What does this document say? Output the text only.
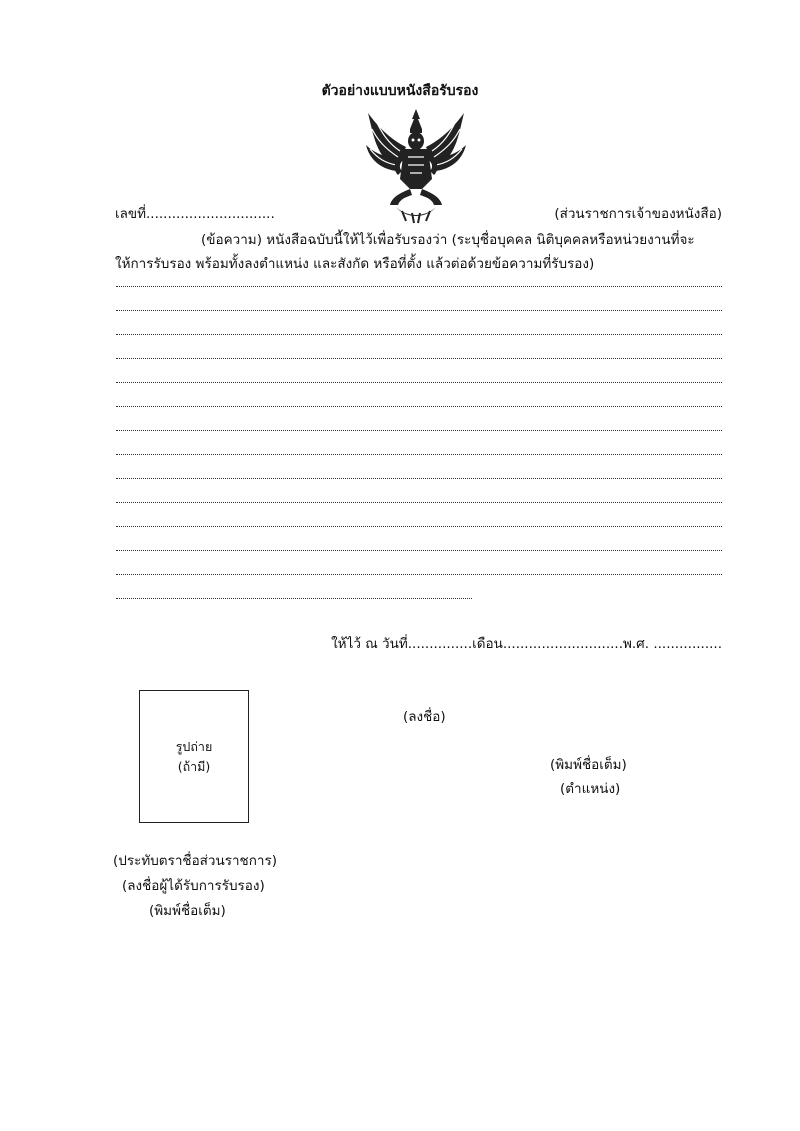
ตัวอย่างแบบหนังสือรับรอง
เลขที่..............................	(ส่วนราชการเจ้าของหนังสือ)
(ข้อความ) หนังสือฉบับนี้ให้ไว้เพื่อรับรองว่า (ระบุชื่อบุคคล นิติบุคคลหรือหน่วยงานที่จะให้การรับรอง พร้อมทั้งลงตำแหน่ง และสังกัด หรือที่ตั้ง แล้วต่อด้วยข้อความที่รับรอง)
ให้ไว้ ณ วันที่...............เดือน............................พ.ศ. ................
รูปถ่าย
(ถ้ามี)
(ลงชื่อ)
(พิมพ์ชื่อเต็ม)
(ตำแหน่ง)
(ประทับตราชื่อส่วนราชการ)
(ลงชื่อผู้ได้รับการรับรอง)
(พิมพ์ชื่อเต็ม)
